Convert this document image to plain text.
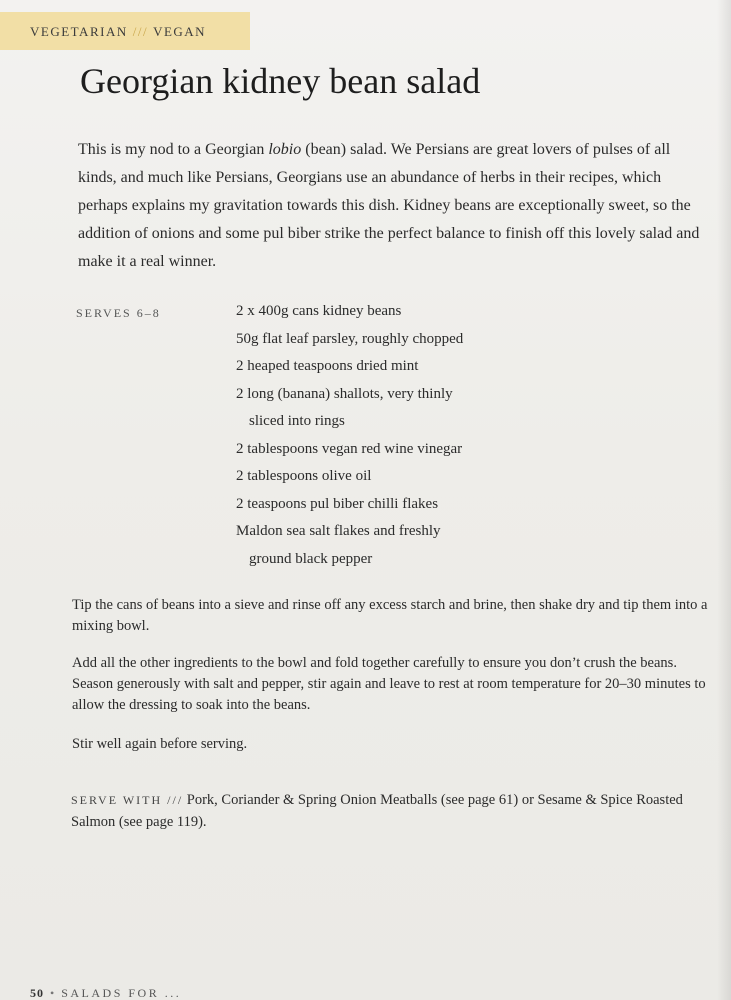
VEGETARIAN /// VEGAN
Georgian kidney bean salad

This is my nod to a Georgian lobio (bean) salad. We Persians are great lovers of pulses of all kinds, and much like Persians, Georgians use an abundance of herbs in their recipes, which perhaps explains my gravitation towards this dish. Kidney beans are exceptionally sweet, so the addition of onions and some pul biber strike the perfect balance to finish off this lovely salad and make it a real winner.

SERVES 6–8	2 x 400g cans kidney beans
50g flat leaf parsley, roughly chopped
2 heaped teaspoons dried mint
2 long (banana) shallots, very thinly
sliced into rings
2 tablespoons vegan red wine vinegar
2 tablespoons olive oil
2 teaspoons pul biber chilli flakes
Maldon sea salt flakes and freshly
ground black pepper

Tip the cans of beans into a sieve and rinse off any excess starch and brine, then shake dry and tip them into a mixing bowl.

Add all the other ingredients to the bowl and fold together carefully to ensure you don’t crush the beans. Season generously with salt and pepper, stir again and leave to rest at room temperature for 20–30 minutes to allow the dressing to soak into the beans.

Stir well again before serving.

SERVE WITH /// Pork, Coriander & Spring Onion Meatballs (see page 61) or Sesame & Spice Roasted Salmon (see page 119).

50 • SALADS FOR ...
